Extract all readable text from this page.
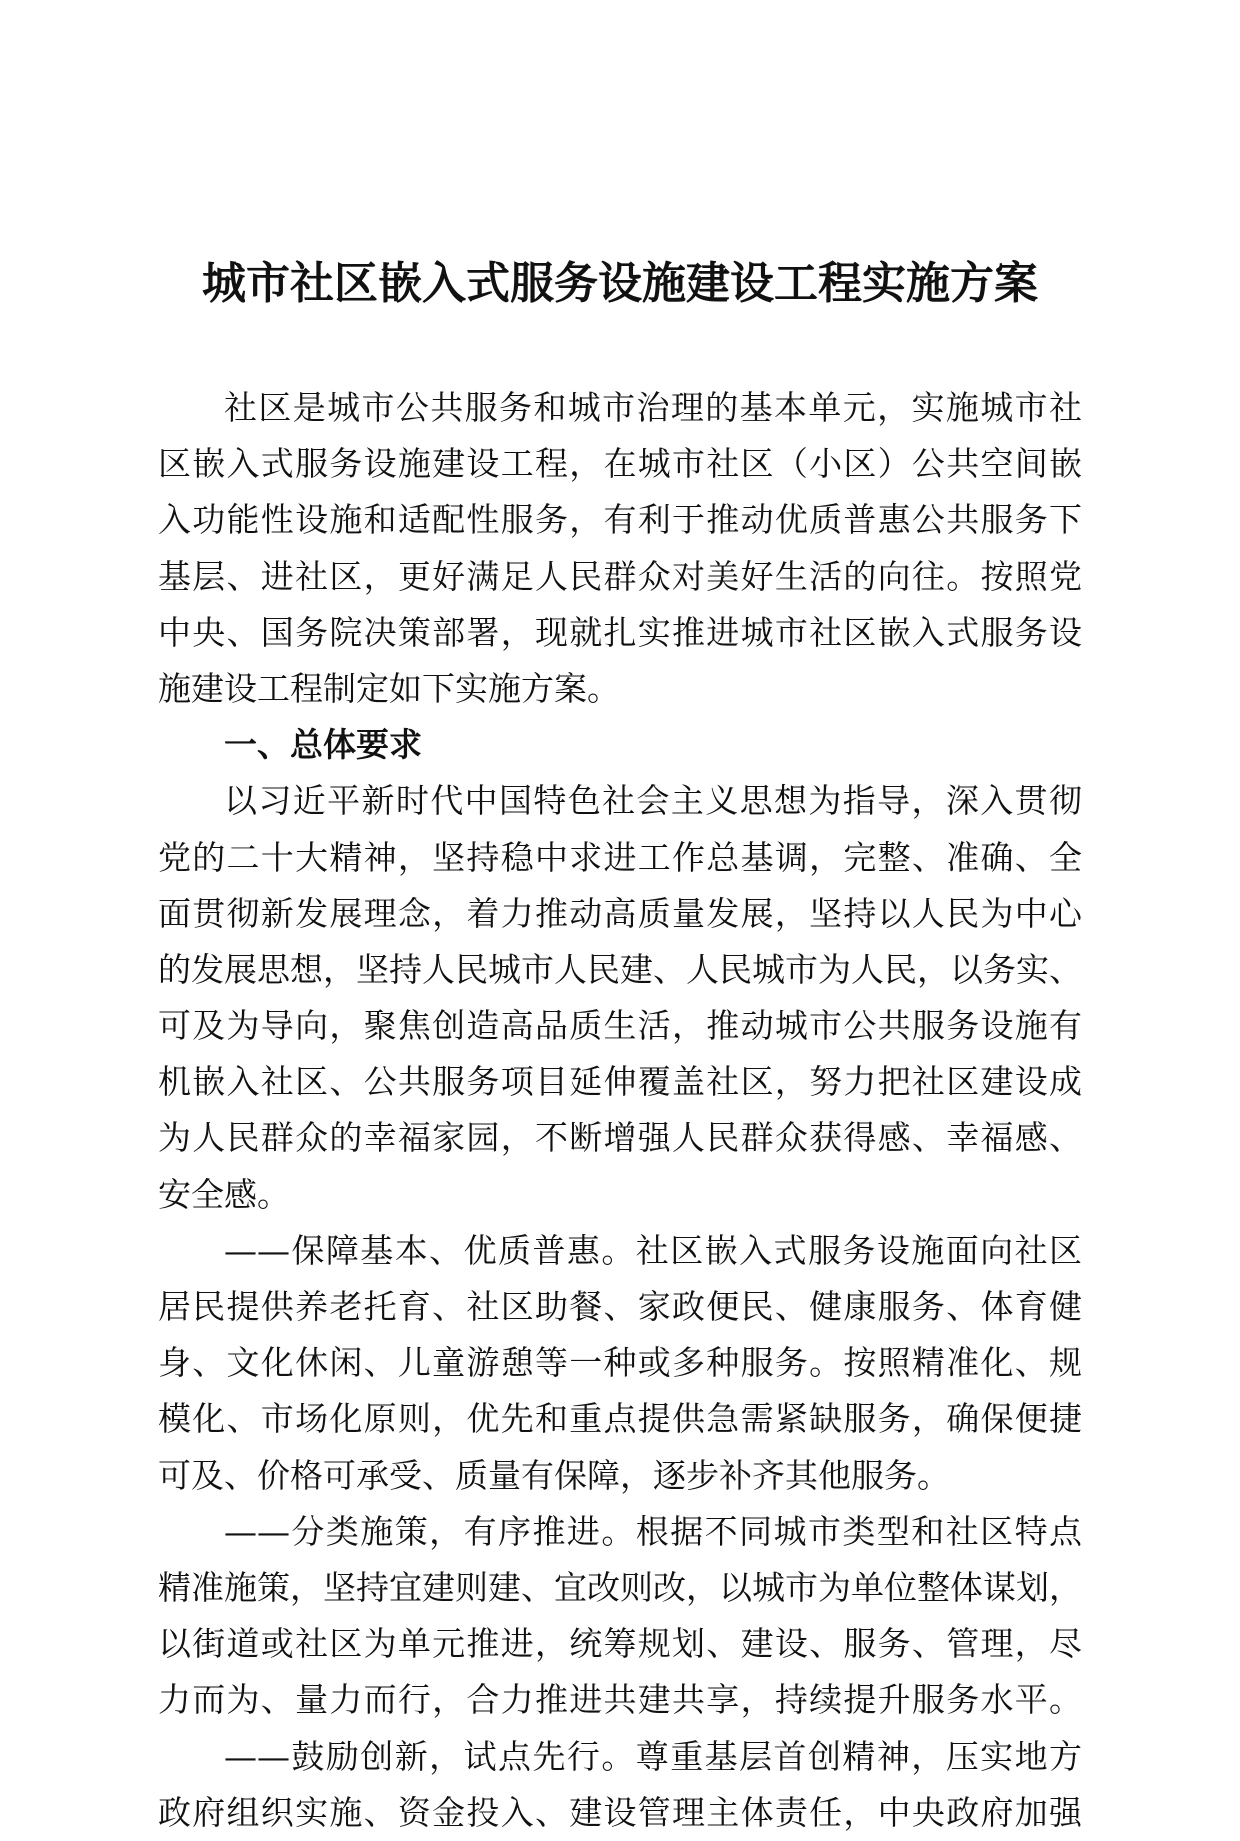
城市社区嵌入式服务设施建设工程实施方案
社区是城市公共服务和城市治理的基本单元，实施城市社
区嵌入式服务设施建设工程，在城市社区（小区）公共空间嵌
入功能性设施和适配性服务，有利于推动优质普惠公共服务下
基层、进社区，更好满足人民群众对美好生活的向往。按照党
中央、国务院决策部署，现就扎实推进城市社区嵌入式服务设
施建设工程制定如下实施方案。
一、总体要求
以习近平新时代中国特色社会主义思想为指导，深入贯彻
党的二十大精神，坚持稳中求进工作总基调，完整、准确、全
面贯彻新发展理念，着力推动高质量发展，坚持以人民为中心
的发展思想，坚持人民城市人民建、人民城市为人民，以务实、
可及为导向，聚焦创造高品质生活，推动城市公共服务设施有
机嵌入社区、公共服务项目延伸覆盖社区，努力把社区建设成
为人民群众的幸福家园，不断增强人民群众获得感、幸福感、
安全感。
——保障基本、优质普惠。社区嵌入式服务设施面向社区
居民提供养老托育、社区助餐、家政便民、健康服务、体育健
身、文化休闲、儿童游憩等一种或多种服务。按照精准化、规
模化、市场化原则，优先和重点提供急需紧缺服务，确保便捷
可及、价格可承受、质量有保障，逐步补齐其他服务。
——分类施策，有序推进。根据不同城市类型和社区特点
精准施策，坚持宜建则建、宜改则改，以城市为单位整体谋划，
以街道或社区为单元推进，统筹规划、建设、服务、管理，尽
力而为、量力而行，合力推进共建共享，持续提升服务水平。
——鼓励创新，试点先行。尊重基层首创精神，压实地方
政府组织实施、资金投入、建设管理主体责任，中央政府加强
